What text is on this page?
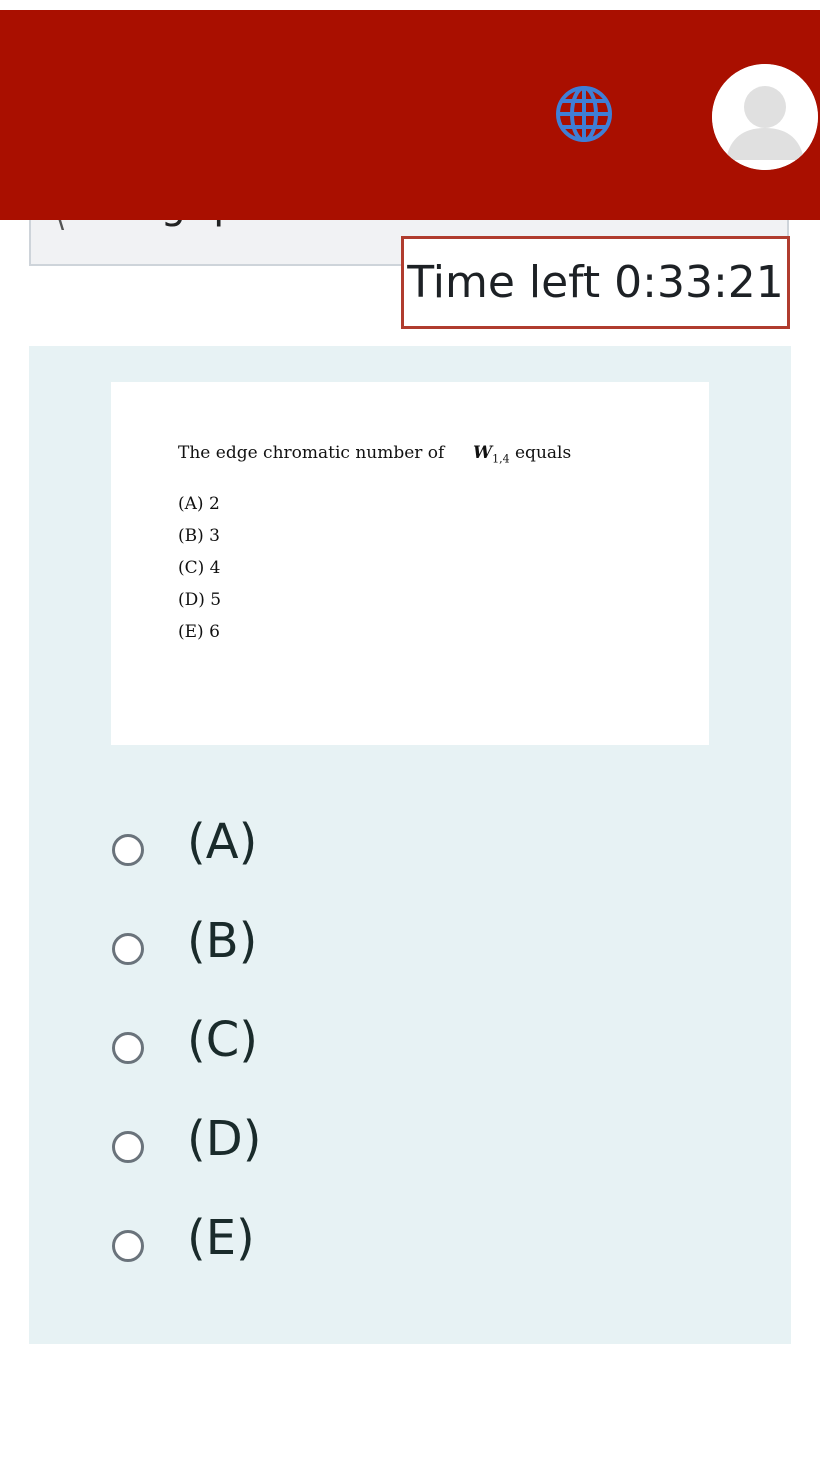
Time left 0:33:21
The edge chromatic number of $W_{1,4}$ equals
(A) 2
(B) 3
(C) 4
(D) 5
(E) 6
(A)
(B)
(C)
(D)
(E)
